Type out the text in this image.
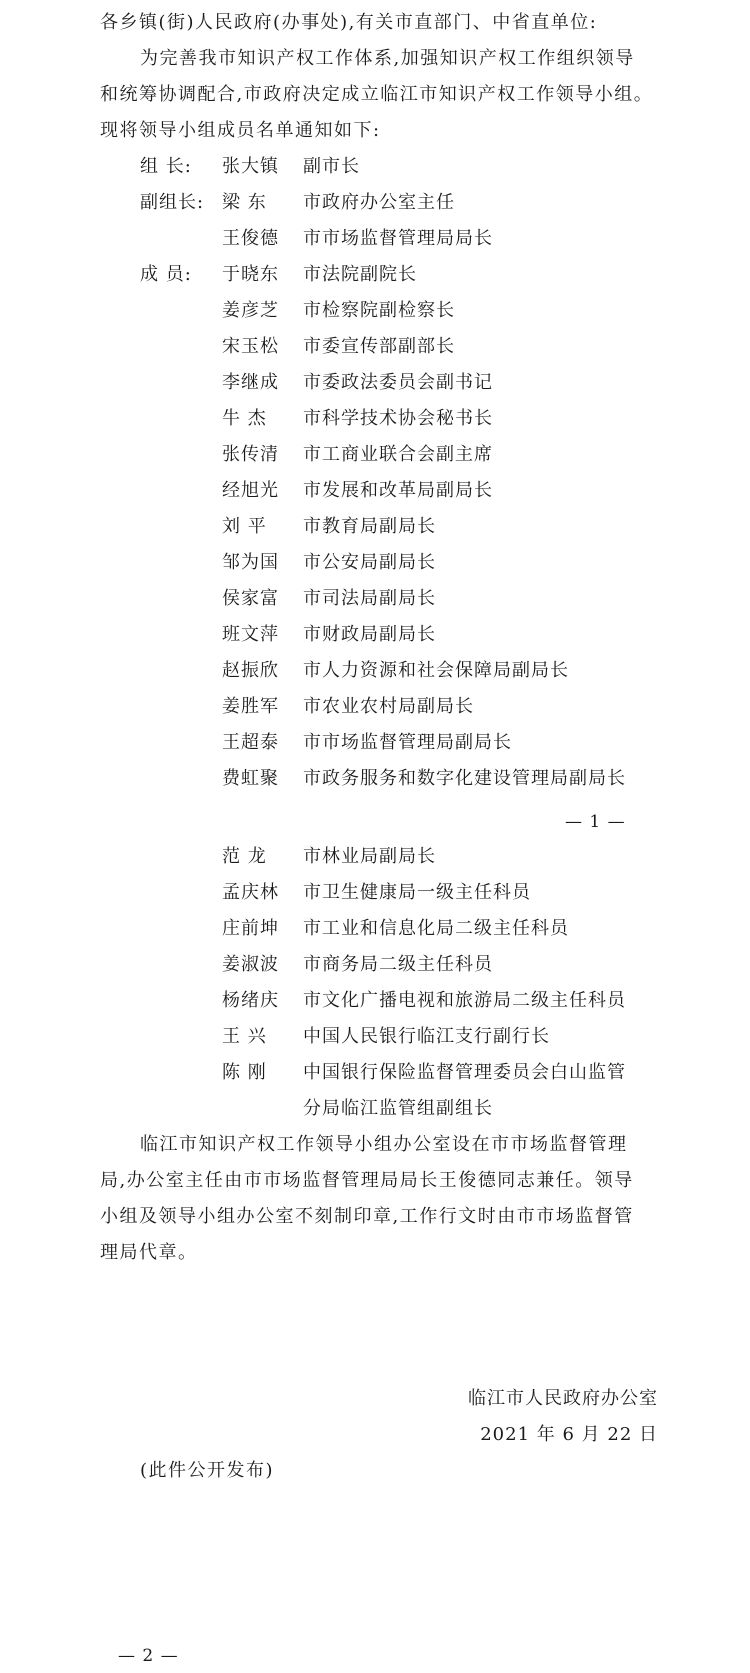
各乡镇(街)人民政府(办事处),有关市直部门、中省直单位:
为完善我市知识产权工作体系,加强知识产权工作组织领导
和统筹协调配合,市政府决定成立临江市知识产权工作领导小组。
现将领导小组成员名单通知如下:
组 长:
副组长:
成 员:
张大镇 副市长
梁 东 市政府办公室主任
王俊德 市市场监督管理局局长
于晓东 市法院副院长
姜彦芝 市检察院副检察长
宋玉松 市委宣传部副部长
李继成 市委政法委员会副书记
牛 杰 市科学技术协会秘书长
张传清 市工商业联合会副主席
经旭光 市发展和改革局副局长
刘 平 市教育局副局长
邹为国 市公安局副局长
侯家富 市司法局副局长
班文萍 市财政局副局长
赵振欣 市人力资源和社会保障局副局长
姜胜军 市农业农村局副局长
王超泰 市市场监督管理局副局长
费虹聚 市政务服务和数字化建设管理局副局长
— 1 —
范 龙 市林业局副局长
孟庆林 市卫生健康局一级主任科员
庄前坤 市工业和信息化局二级主任科员
姜淑波 市商务局二级主任科员
杨绪庆 市文化广播电视和旅游局二级主任科员
王 兴 中国人民银行临江支行副行长
陈 刚 中国银行保险监督管理委员会白山监管
分局临江监管组副组长
临江市知识产权工作领导小组办公室设在市市场监督管理
局,办公室主任由市市场监督管理局局长王俊德同志兼任。领导
小组及领导小组办公室不刻制印章,工作行文时由市市场监督管
理局代章。
临江市人民政府办公室
2021 年 6 月 22 日
(此件公开发布)
— 2 —
